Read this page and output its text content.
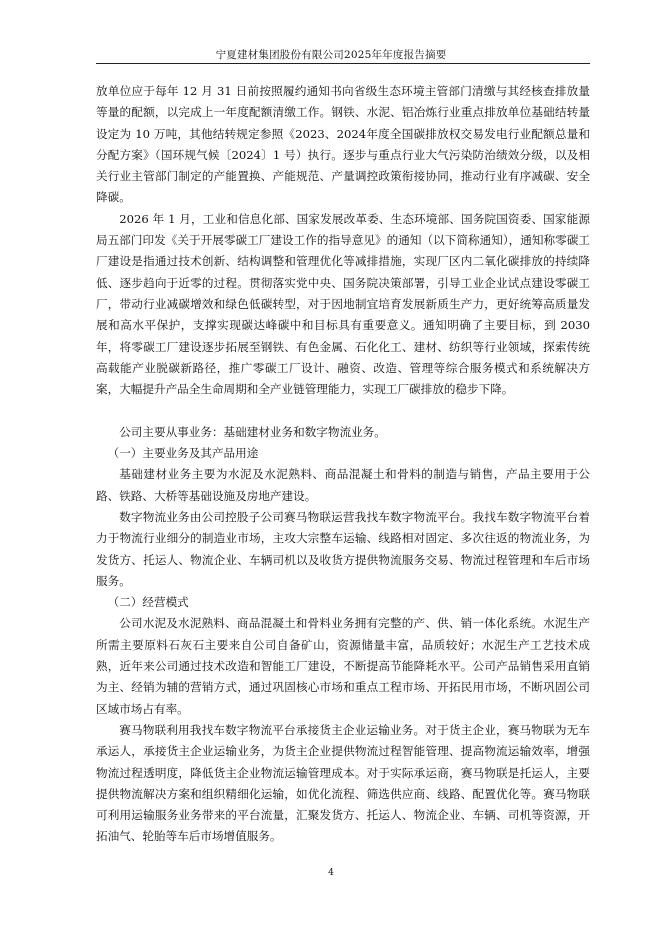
宁夏建材集团股份有限公司2025年年度报告摘要

放单位应于每年 12 月 31 日前按照履约通知书向省级生态环境主管部门清缴与其经核查排放量等量的配额，以完成上一年度配额清缴工作。钢铁、水泥、铝冶炼行业重点排放单位基础结转量设定为 10 万吨，其他结转规定参照《2023、2024年度全国碳排放权交易发电行业配额总量和分配方案》（国环规气候〔2024〕1 号）执行。逐步与重点行业大气污染防治绩效分级，以及相关行业主管部门制定的产能置换、产能规范、产量调控政策衔接协同，推动行业有序减碳、安全降碳。

2026 年 1 月，工业和信息化部、国家发展改革委、生态环境部、国务院国资委、国家能源局五部门印发《关于开展零碳工厂建设工作的指导意见》的通知（以下简称通知），通知称零碳工厂建设是指通过技术创新、结构调整和管理优化等减排措施，实现厂区内二氧化碳排放的持续降低、逐步趋向于近零的过程。贯彻落实党中央、国务院决策部署，引导工业企业试点建设零碳工厂，带动行业减碳增效和绿色低碳转型，对于因地制宜培育发展新质生产力，更好统筹高质量发展和高水平保护，支撑实现碳达峰碳中和目标具有重要意义。通知明确了主要目标，到 2030 年，将零碳工厂建设逐步拓展至钢铁、有色金属、石化化工、建材、纺织等行业领域，探索传统高载能产业脱碳新路径，推广零碳工厂设计、融资、改造、管理等综合服务模式和系统解决方案，大幅提升产品全生命周期和全产业链管理能力，实现工厂碳排放的稳步下降。

公司主要从事业务：基础建材业务和数字物流业务。

（一）主要业务及其产品用途

基础建材业务主要为水泥及水泥熟料、商品混凝土和骨料的制造与销售，产品主要用于公路、铁路、大桥等基础设施及房地产建设。

数字物流业务由公司控股子公司赛马物联运营我找车数字物流平台。我找车数字物流平台着力于物流行业细分的制造业市场，主攻大宗整车运输、线路相对固定、多次往返的物流业务，为发货方、托运人、物流企业、车辆司机以及收货方提供物流服务交易、物流过程管理和车后市场服务。

（二）经营模式

公司水泥及水泥熟料、商品混凝土和骨料业务拥有完整的产、供、销一体化系统。水泥生产所需主要原料石灰石主要来自公司自备矿山，资源储量丰富，品质较好；水泥生产工艺技术成熟，近年来公司通过技术改造和智能工厂建设，不断提高节能降耗水平。公司产品销售采用直销为主、经销为辅的营销方式，通过巩固核心市场和重点工程市场、开拓民用市场，不断巩固公司区域市场占有率。

赛马物联利用我找车数字物流平台承接货主企业运输业务。对于货主企业，赛马物联为无车承运人，承接货主企业运输业务，为货主企业提供物流过程智能管理、提高物流运输效率，增强物流过程透明度，降低货主企业物流运输管理成本。对于实际承运商，赛马物联是托运人，主要提供物流解决方案和组织精细化运输，如优化流程、筛选供应商、线路、配置优化等。赛马物联可利用运输服务业务带来的平台流量，汇聚发货方、托运人、物流企业、车辆、司机等资源，开拓油气、轮胎等车后市场增值服务。

4
